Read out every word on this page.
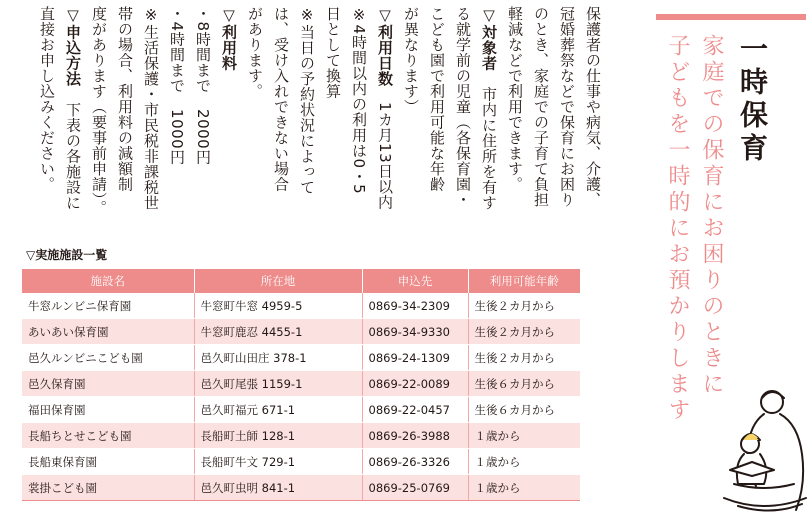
保護者の仕事や病気、介護、
冠婚葬祭などで保育にお困り
のとき、家庭での子育て負担
軽減などで利用できます。
▽対象者　市内に住所を有す
る就学前の児童（各保育園・
こども園で利用可能な年齢
が異なります）
▽利用日数　1カ月13日以内
※4時間以内の利用は0・5
日として換算
※当日の予約状況によって
は、受け入れできない場合
があります。
▽利用料
・8時間まで　2000円
・4時間まで　1000円
※生活保護・市民税非課税世
帯の場合、利用料の減額制
度があります（要事前申請）。
▽申込方法　下表の各施設に
直接お申し込みください。
▽実施施設一覧
施設名	所在地	申込先	利用可能年齢
牛窓ルンビニ保育園	牛窓町牛窓 4959-5	0869-34-2309	生後２カ月から
あいあい保育園	牛窓町鹿忍 4455-1	0869-34-9330	生後２カ月から
邑久ルンビニこども園	邑久町山田庄 378-1	0869-24-1309	生後２カ月から
邑久保育園	邑久町尾張 1159-1	0869-22-0089	生後６カ月から
福田保育園	邑久町福元 671-1	0869-22-0457	生後６カ月から
長船ちとせこども園	長船町土師 128-1	0869-26-3988	１歳から
長船東保育園	長船町牛文 729-1	0869-26-3326	１歳から
裳掛こども園	邑久町虫明 841-1	0869-25-0769	１歳から
一時保育
家庭での保育にお困りのときに
子どもを一時的にお預かりします
